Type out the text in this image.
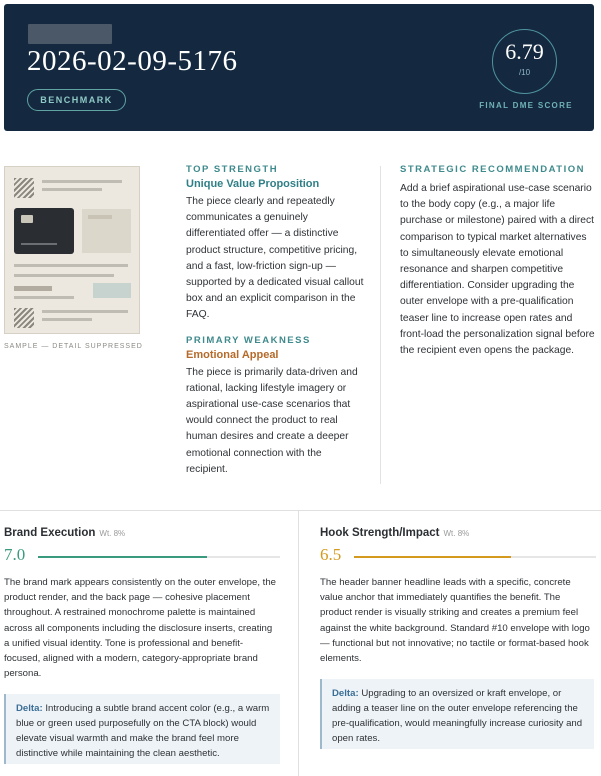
2026-02-09-5176
BENCHMARK
6.79
/10
FINAL DME SCORE
SAMPLE — DETAIL SUPPRESSED
TOP STRENGTH
Unique Value Proposition
The piece clearly and repeatedly communicates a genuinely differentiated offer — a distinctive product structure, competitive pricing, and a fast, low-friction sign-up — supported by a dedicated visual callout box and an explicit comparison in the FAQ.
PRIMARY WEAKNESS
Emotional Appeal
The piece is primarily data-driven and rational, lacking lifestyle imagery or aspirational use-case scenarios that would connect the product to real human desires and create a deeper emotional connection with the recipient.
STRATEGIC RECOMMENDATION
Add a brief aspirational use-case scenario to the body copy (e.g., a major life purchase or milestone) paired with a direct comparison to typical market alternatives to simultaneously elevate emotional resonance and sharpen competitive differentiation. Consider upgrading the outer envelope with a pre-qualification teaser line to increase open rates and front-load the personalization signal before the recipient even opens the package.
Brand Execution Wt. 8%
7.0
The brand mark appears consistently on the outer envelope, the product render, and the back page — cohesive placement throughout. A restrained monochrome palette is maintained across all components including the disclosure inserts, creating a unified visual identity. Tone is professional and benefit-focused, aligned with a modern, category-appropriate brand persona.
Delta: Introducing a subtle brand accent color (e.g., a warm blue or green used purposefully on the CTA block) would elevate visual warmth and make the brand feel more distinctive while maintaining the clean aesthetic.
Hook Strength/Impact Wt. 8%
6.5
The header banner headline leads with a specific, concrete value anchor that immediately quantifies the benefit. The product render is visually striking and creates a premium feel against the white background. Standard #10 envelope with logo — functional but not innovative; no tactile or format-based hook elements.
Delta: Upgrading to an oversized or kraft envelope, or adding a teaser line on the outer envelope referencing the pre-qualification, would meaningfully increase curiosity and open rates.
